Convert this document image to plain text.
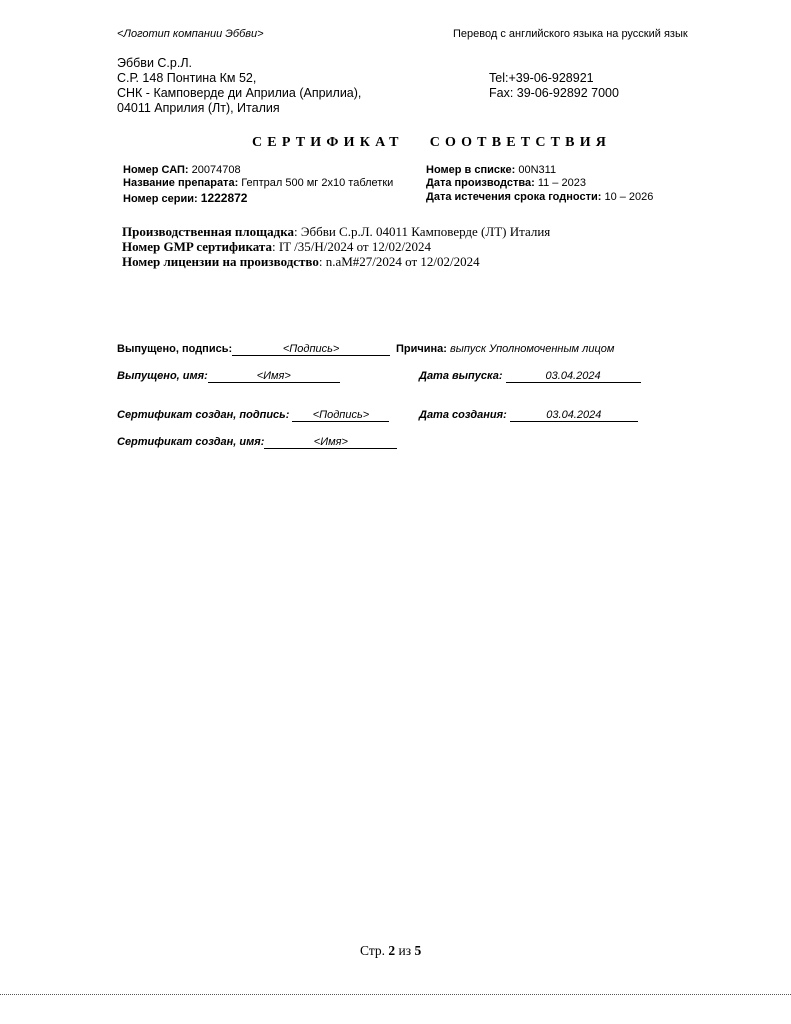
<Логотип компании Эббви>	Перевод с английского языка на русский язык
Эббви С.р.Л.
С.Р. 148 Понтина Км 52,
СНК - Камповерде ди Априлиа (Априлиа),
04011 Априлия (Лт), Италия
Tel:+39-06-928921
Fax: 39-06-92892 7000
СЕРТИФИКАТ СООТВЕТСТВИЯ
Номер САП: 20074708
Название препарата: Гептрал 500 мг 2х10 таблетки
Номер серии: 1222872
Номер в списке: 00N311
Дата производства: 11 – 2023
Дата истечения срока годности: 10 – 2026
Производственная площадка: Эббви С.р.Л. 04011 Камповерде (ЛТ) Италия
Номер GMP сертификата: IT /35/H/2024 от 12/02/2024
Номер лицензии на производство: n.aM#27/2024 от 12/02/2024
Выпущено, подпись:	<Подпись>	Причина: выпуск Уполномоченным лицом
Выпущено, имя:	<Имя>	Дата выпуска:	03.04.2024
Сертификат создан, подпись: <Подпись>	Дата создания:	03.04.2024
Сертификат создан, имя:	<Имя>
Стр. 2 из 5
